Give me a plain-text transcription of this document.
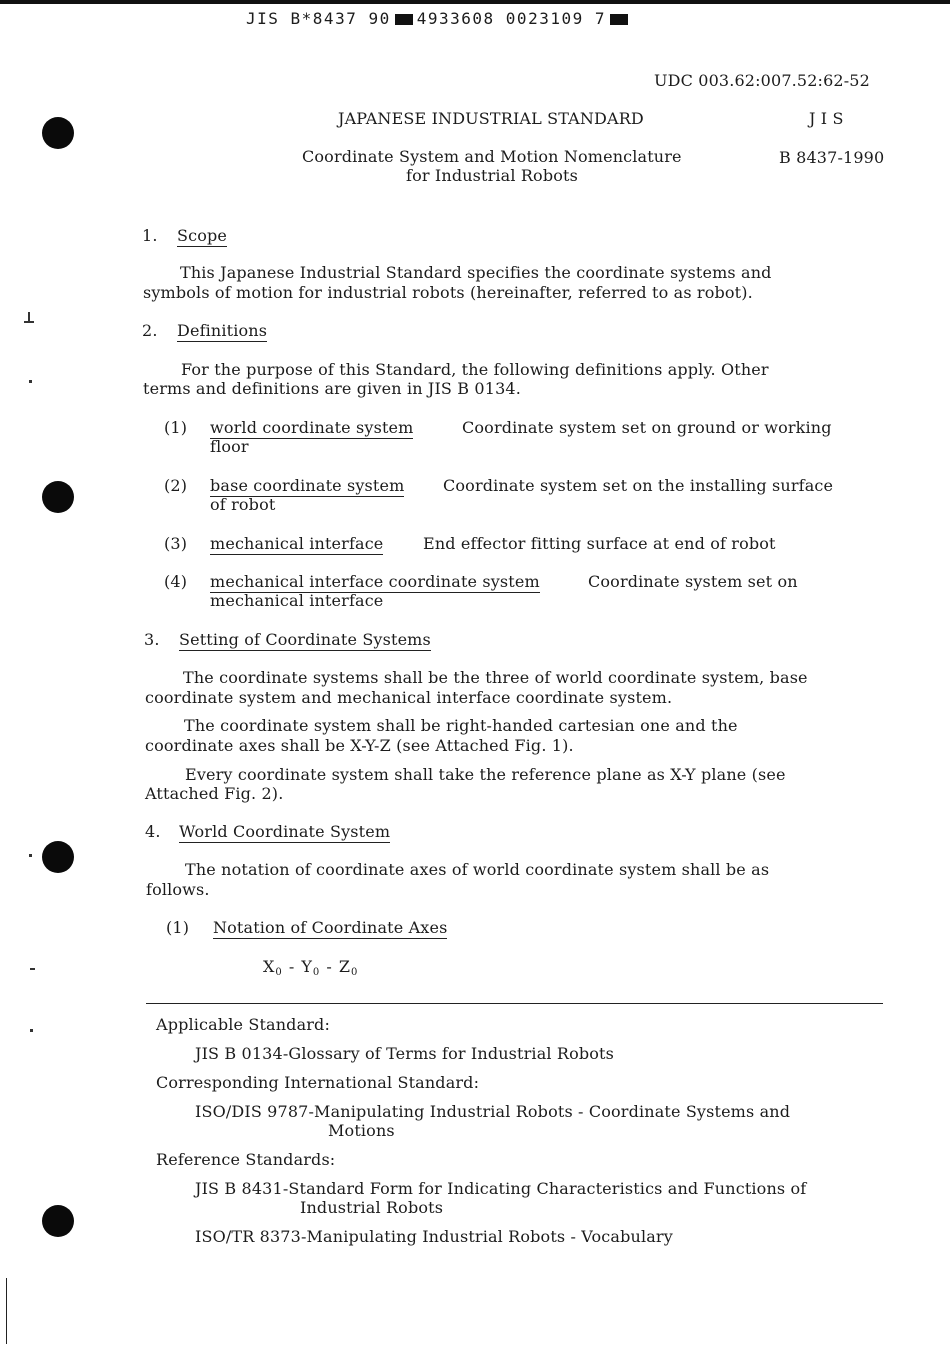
JIS B*8437 90 4933608 0023109 7
UDC 003.62:007.52:62-52
JAPANESE INDUSTRIAL STANDARD	J I S
Coordinate System and Motion Nomenclature
for Industrial Robots
B 8437-1990
1. Scope
This Japanese Industrial Standard specifies the coordinate systems and
symbols of motion for industrial robots (hereinafter, referred to as robot).
2. Definitions
For the purpose of this Standard, the following definitions apply. Other
terms and definitions are given in JIS B 0134.
(1) world coordinate system	Coordinate system set on ground or working
floor
(2) base coordinate system Coordinate system set on the installing surface
of robot
(3) mechanical interface End effector fitting surface at end of robot
(4) mechanical interface coordinate system	Coordinate system set on
mechanical interface
3. Setting of Coordinate Systems
The coordinate systems shall be the three of world coordinate system, base
coordinate system and mechanical interface coordinate system.
The coordinate system shall be right-handed cartesian one and the
coordinate axes shall be X-Y-Z (see Attached Fig. 1).
Every coordinate system shall take the reference plane as X-Y plane (see
Attached Fig. 2).
4. World Coordinate System
The notation of coordinate axes of world coordinate system shall be as
follows.
(1) Notation of Coordinate Axes
$X_0 - Y_0 - Z_0$
Applicable Standard:
JIS B 0134-Glossary of Terms for Industrial Robots
Corresponding International Standard:
ISO/DIS 9787-Manipulating Industrial Robots - Coordinate Systems and
Motions
Reference Standards:
JIS B 8431-Standard Form for Indicating Characteristics and Functions of
Industrial Robots
ISO/TR 8373-Manipulating Industrial Robots - Vocabulary
